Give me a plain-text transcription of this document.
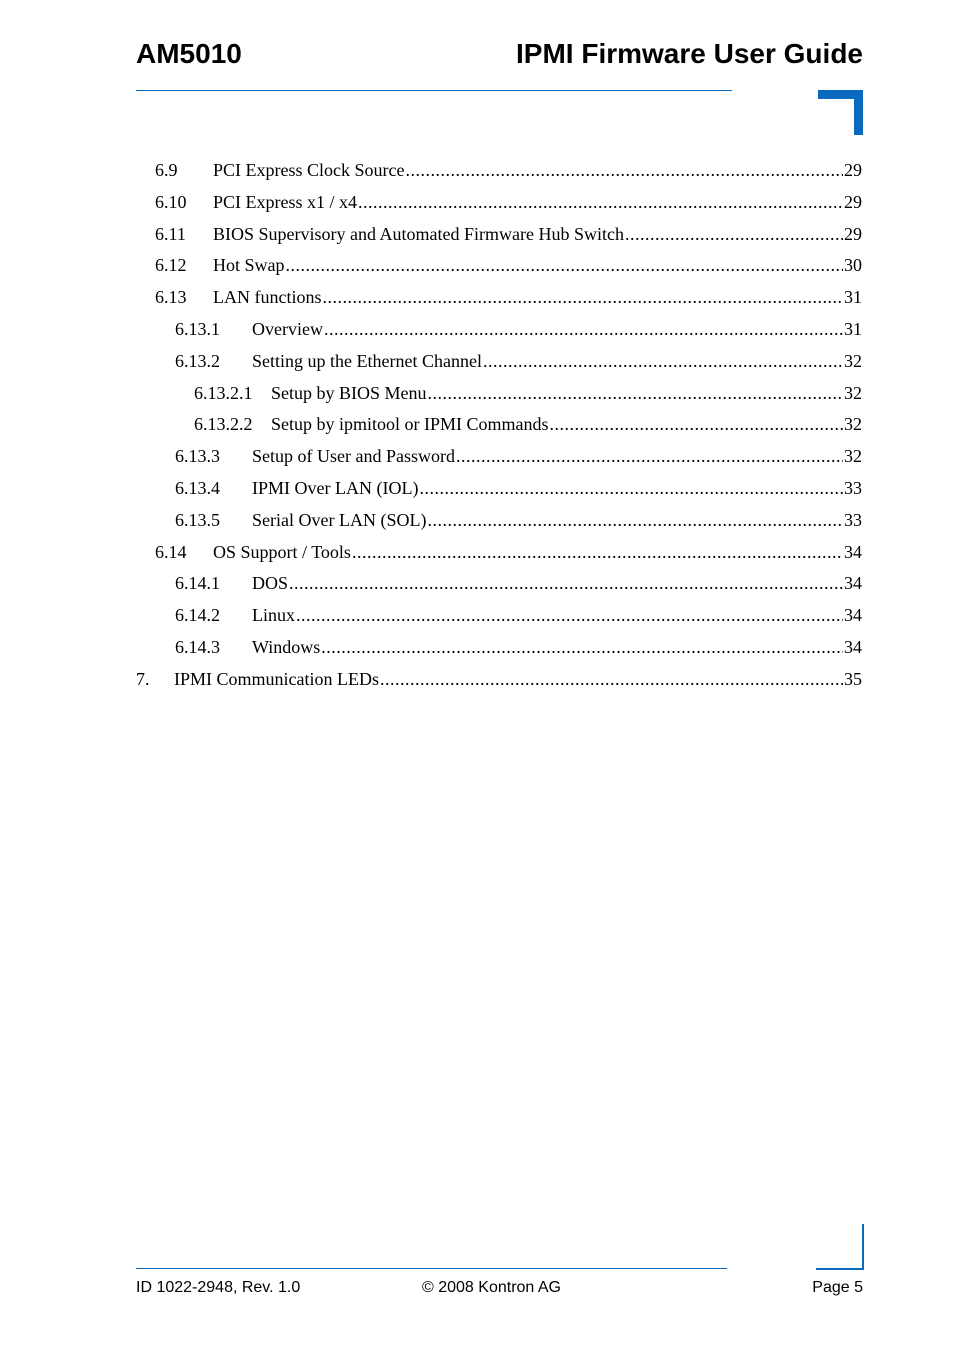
AM5010	IPMI Firmware User Guide
6.9	PCI Express Clock Source .....	29
6.10	PCI Express x1 / x4 .....	29
6.11	BIOS Supervisory and Automated Firmware Hub Switch .....	29
6.12	Hot Swap .....	30
6.13	LAN functions .....	31
6.13.1	Overview .....	31
6.13.2	Setting up the Ethernet Channel .....	32
6.13.2.1	Setup by BIOS Menu .....	32
6.13.2.2	Setup by ipmitool or IPMI Commands .....	32
6.13.3	Setup of User and Password .....	32
6.13.4	IPMI Over LAN (IOL) .....	33
6.13.5	Serial Over LAN (SOL) .....	33
6.14	OS Support / Tools .....	34
6.14.1	DOS .....	34
6.14.2	Linux .....	34
6.14.3	Windows .....	34
7.	IPMI Communication LEDs .....	35
ID 1022-2948, Rev. 1.0	© 2008 Kontron AG	Page 5
